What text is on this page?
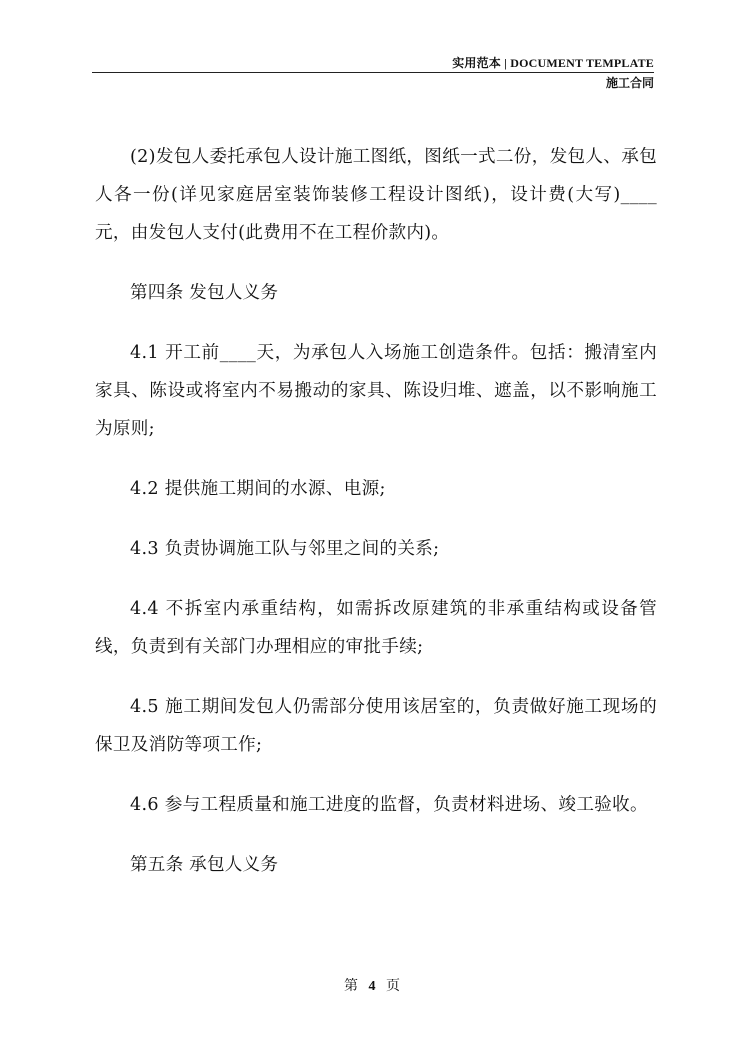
实用范本 | DOCUMENT TEMPLATE
施工合同

(2)发包人委托承包人设计施工图纸，图纸一式二份，发包人、承包人各一份(详见家庭居室装饰装修工程设计图纸)，设计费(大写)____元，由发包人支付(此费用不在工程价款内)。

第四条 发包人义务

4.1 开工前____天，为承包人入场施工创造条件。包括：搬清室内家具、陈设或将室内不易搬动的家具、陈设归堆、遮盖，以不影响施工为原则;

4.2 提供施工期间的水源、电源;

4.3 负责协调施工队与邻里之间的关系;

4.4 不拆室内承重结构，如需拆改原建筑的非承重结构或设备管线，负责到有关部门办理相应的审批手续;

4.5 施工期间发包人仍需部分使用该居室的，负责做好施工现场的保卫及消防等项工作;

4.6 参与工程质量和施工进度的监督，负责材料进场、竣工验收。

第五条 承包人义务

第 4 页
